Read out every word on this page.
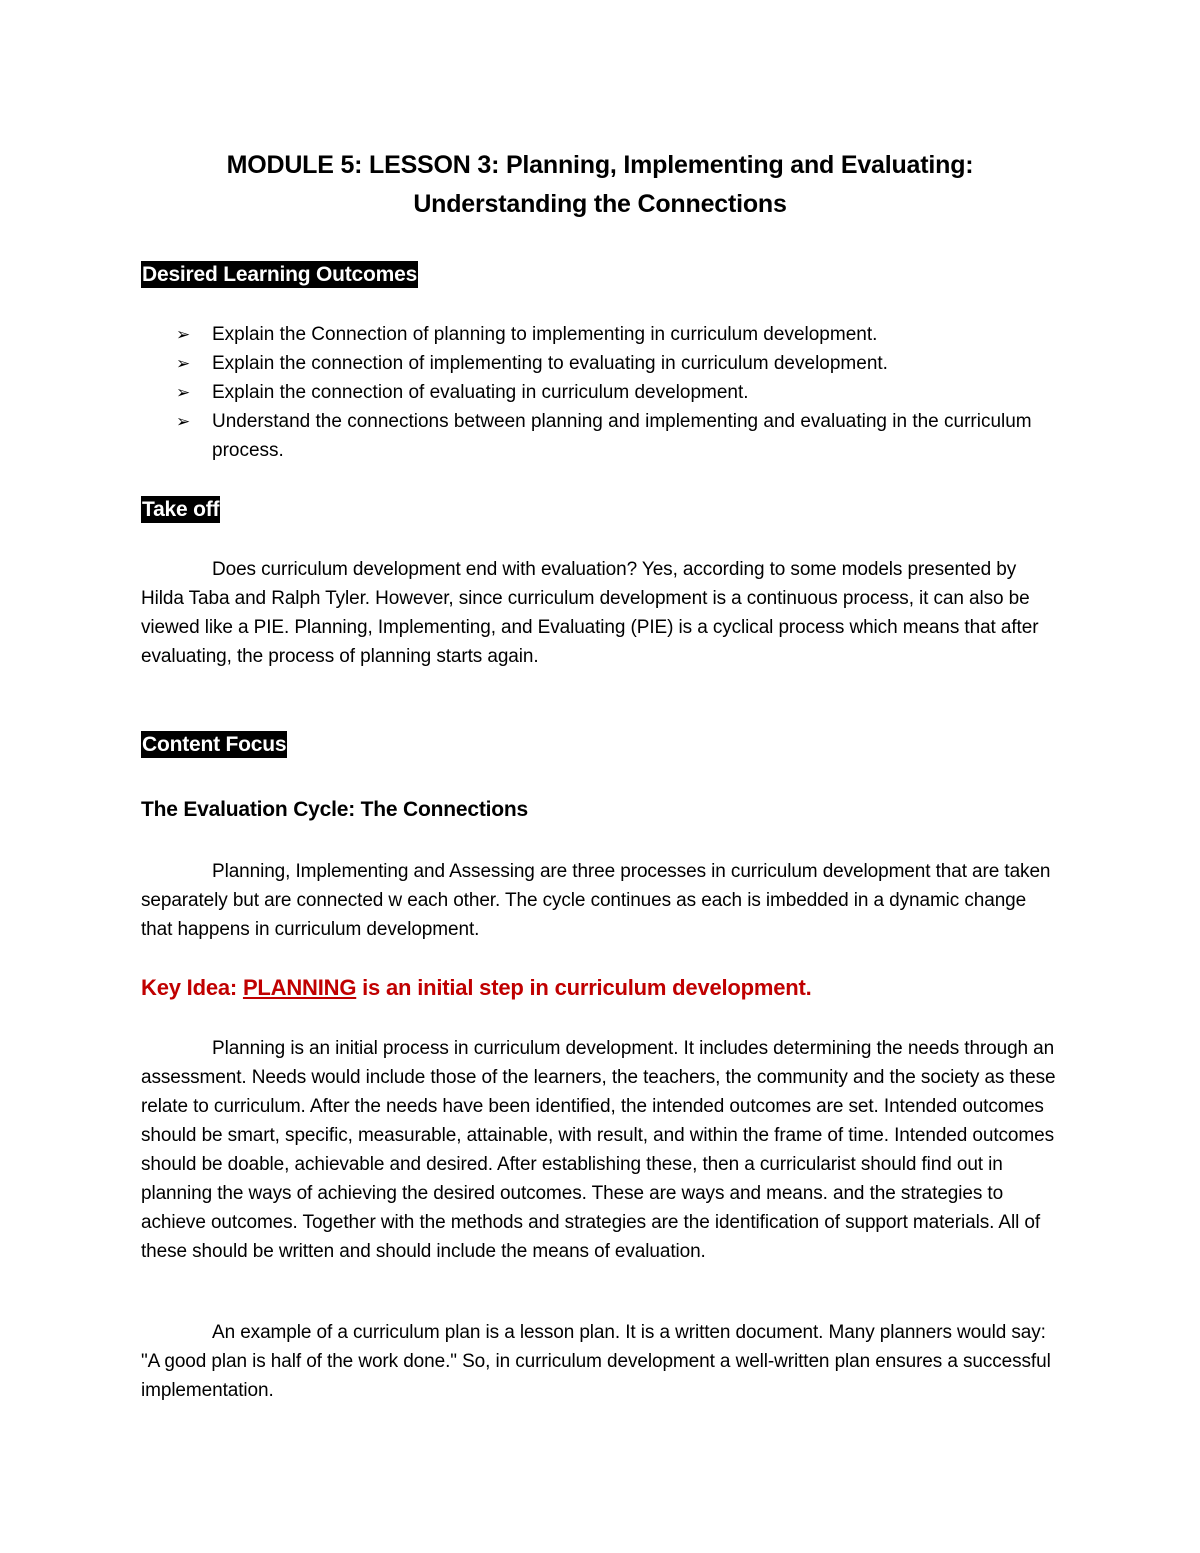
MODULE 5: LESSON 3: Planning, Implementing and Evaluating:
Understanding the Connections
Desired Learning Outcomes
➢ Explain the Connection of planning to implementing in curriculum development.
➢ Explain the connection of implementing to evaluating in curriculum development.
➢ Explain the connection of evaluating in curriculum development.
➢ Understand the connections between planning and implementing and evaluating in the curriculum process.
Take off

Does curriculum development end with evaluation? Yes, according to some models presented by Hilda Taba and Ralph Tyler. However, since curriculum development is a continuous process, it can also be viewed like a PIE. Planning, Implementing, and Evaluating (PIE) is a cyclical process which means that after evaluating, the process of planning starts again.

Content Focus
The Evaluation Cycle: The Connections

Planning, Implementing and Assessing are three processes in curriculum development that are taken separately but are connected w each other. The cycle continues as each is imbedded in a dynamic change that happens in curriculum development.

Key Idea: PLANNING is an initial step in curriculum development.

Planning is an initial process in curriculum development. It includes determining the needs through an assessment. Needs would include those of the learners, the teachers, the community and the society as these relate to curriculum. After the needs have been identified, the intended outcomes are set. Intended outcomes should be smart, specific, measurable, attainable, with result, and within the frame of time. Intended outcomes should be doable, achievable and desired. After establishing these, then a curricularist should find out in planning the ways of achieving the desired outcomes. These are ways and means. and the strategies to achieve outcomes. Together with the methods and strategies are the identification of support materials. All of these should be written and should include the means of evaluation.

An example of a curriculum plan is a lesson plan. It is a written document. Many planners would say: "A good plan is half of the work done." So, in curriculum development a well-written plan ensures a successful implementation.
